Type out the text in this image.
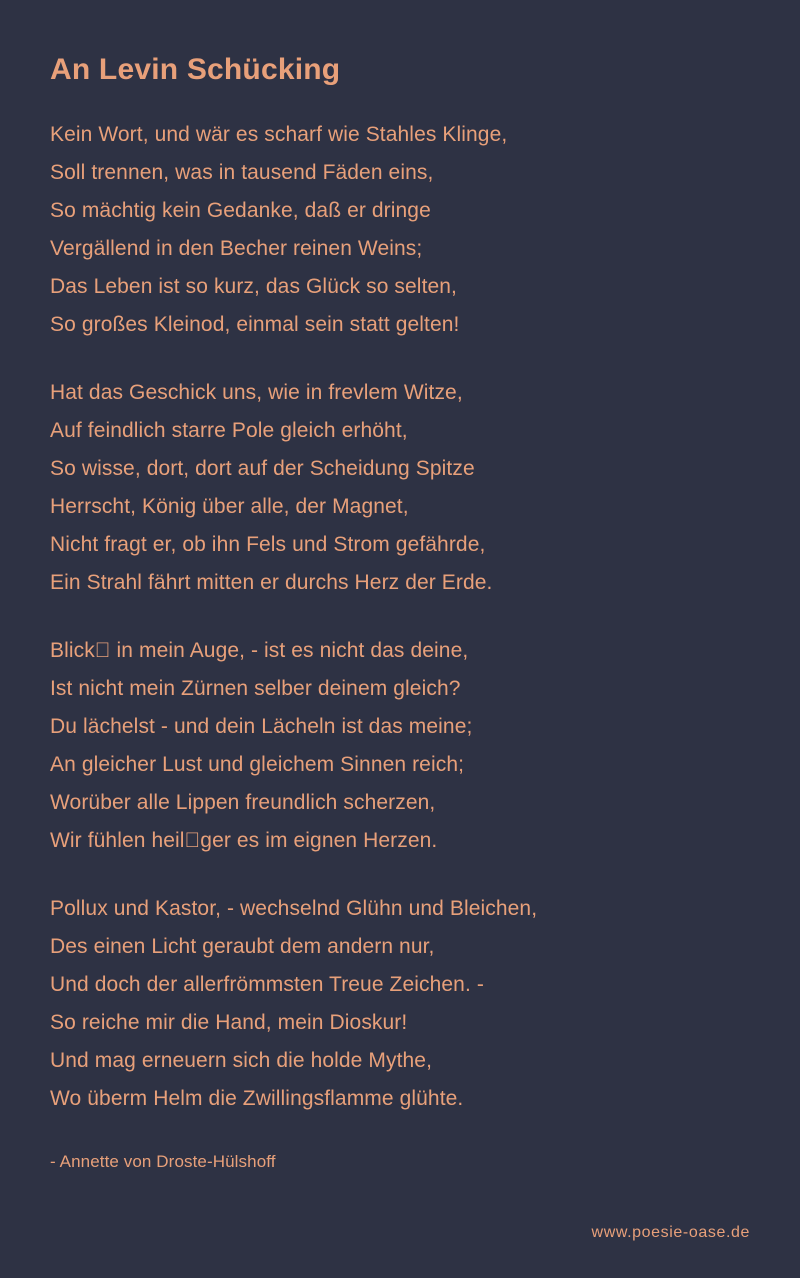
An Levin Schücking
Kein Wort, und wär es scharf wie Stahles Klinge,
Soll trennen, was in tausend Fäden eins,
So mächtig kein Gedanke, daß er dringe
Vergällend in den Becher reinen Weins;
Das Leben ist so kurz, das Glück so selten,
So großes Kleinod, einmal sein statt gelten!
Hat das Geschick uns, wie in frevlem Witze,
Auf feindlich starre Pole gleich erhöht,
So wisse, dort, dort auf der Scheidung Spitze
Herrscht, König über alle, der Magnet,
Nicht fragt er, ob ihn Fels und Strom gefährde,
Ein Strahl fährt mitten er durchs Herz der Erde.
Blick⃞ in mein Auge, - ist es nicht das deine,
Ist nicht mein Zürnen selber deinem gleich?
Du lächelst - und dein Lächeln ist das meine;
An gleicher Lust und gleichem Sinnen reich;
Worüber alle Lippen freundlich scherzen,
Wir fühlen heil⃞ger es im eignen Herzen.
Pollux und Kastor, - wechselnd Glühn und Bleichen,
Des einen Licht geraubt dem andern nur,
Und doch der allerfrömmsten Treue Zeichen. -
So reiche mir die Hand, mein Dioskur!
Und mag erneuern sich die holde Mythe,
Wo überm Helm die Zwillingsflamme glühte.
- Annette von Droste-Hülshoff
www.poesie-oase.de
